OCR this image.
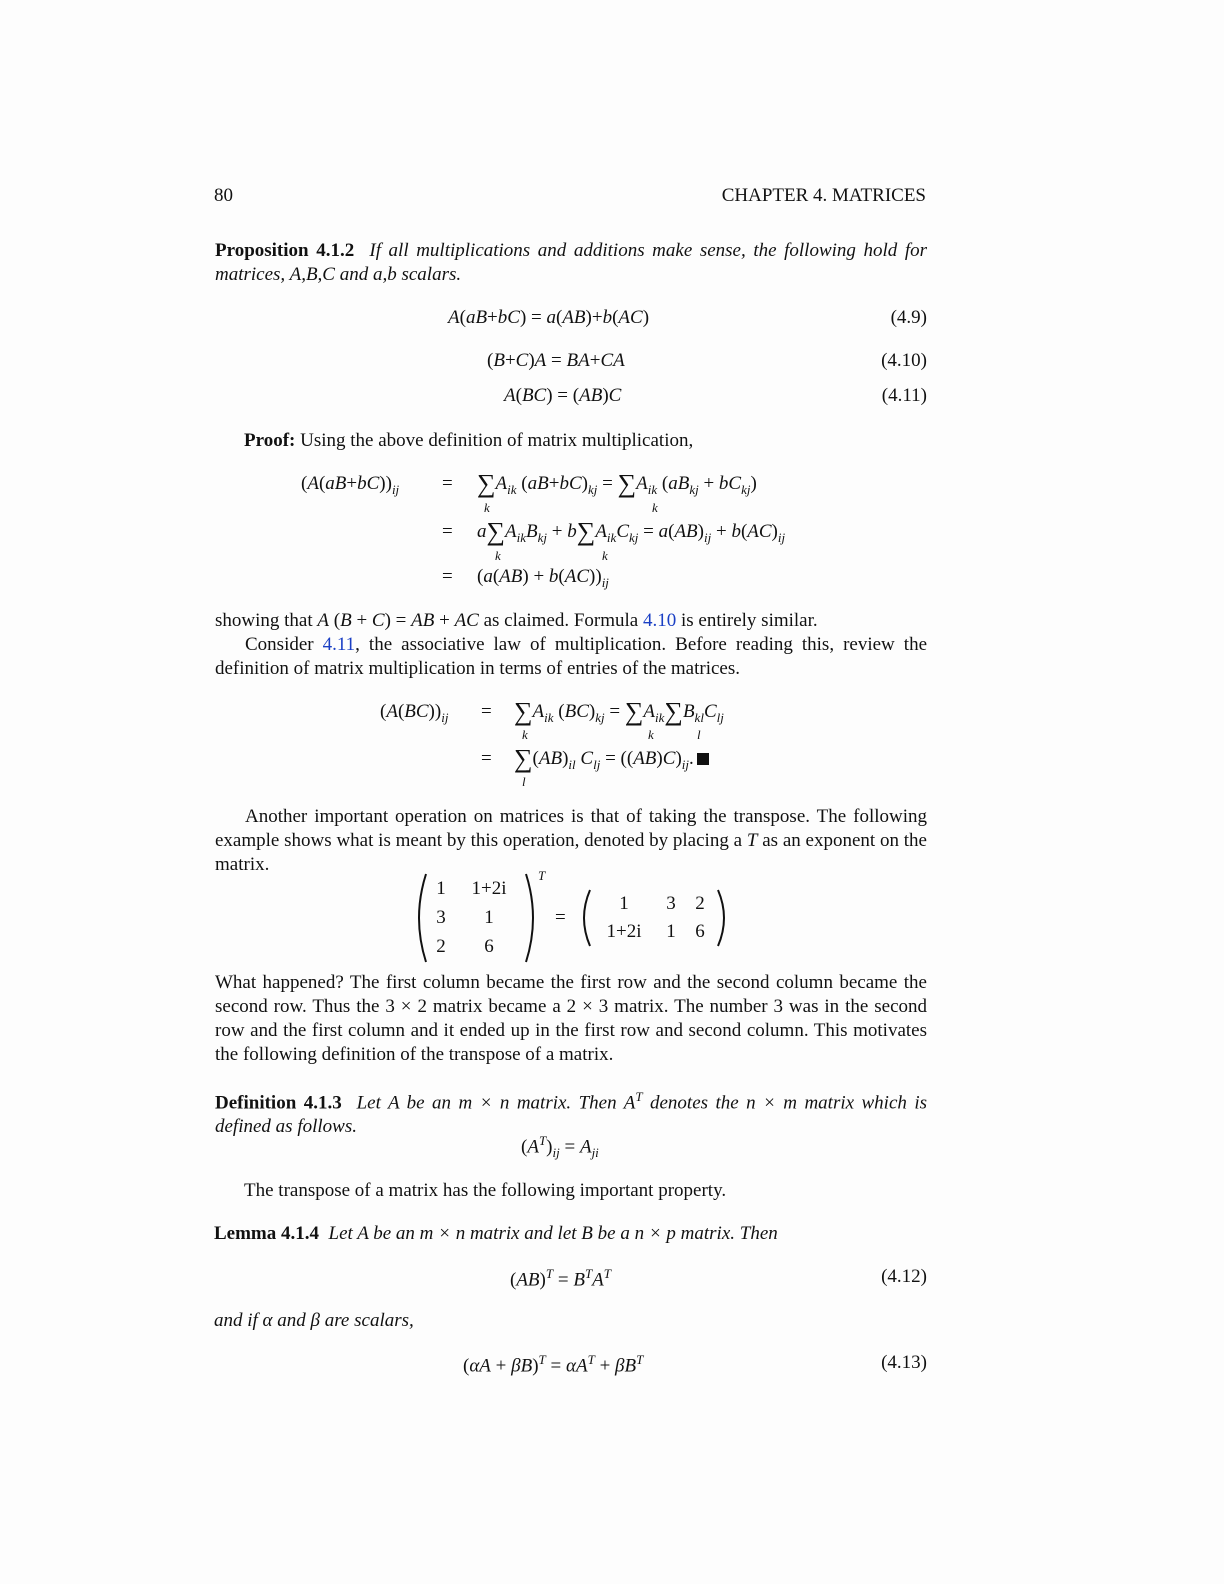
80	CHAPTER 4. MATRICES
Proposition 4.1.2 If all multiplications and additions make sense, the following hold for matrices, A,B,C and a,b scalars.
A(aB+bC) = a(AB)+b(AC)	(4.9)
(B+C)A = BA+CA	(4.10)
A(BC) = (AB)C	(4.11)
Proof: Using the above definition of matrix multiplication,
$(A(aB+bC))_{ij} = \sum A_{ik}$ $(aB+bC)_{kj} = \sum A_{ik}$ $(aB_{kj} + bC_{kj})$
k	k
= $a\sum A_{ik}B_{kj} + b\sum A_{ik}C_{kj} = a(AB)_{ij} + b(AC)_{ij}$
k	k
= $(a(AB) + b(AC))_{ij}$
showing that A (B + C) = AB + AC as claimed. Formula 4.10 is entirely similar.
Consider 4.11, the associative law of multiplication. Before reading this, review the definition of matrix multiplication in terms of entries of the matrices.
$(A(BC))_{ij} = \sum A_{ik}$ $(BC)_{kj} = \sum A_{ik}\sum B_{kl}C_{lj}$
k	k	l
= $\sum(AB)_{il}$ $C_{lj} = ((AB)C)_{ij}$.
l
Another important operation on matrices is that of taking the transpose. The following example shows what is meant by this operation, denoted by placing a T as an exponent on the matrix.
T
=
1	1+2i
3	1
2	6
1	3	2
1+2i	1	6
What happened? The first column became the first row and the second column became the second row. Thus the 3 × 2 matrix became a 2 × 3 matrix. The number 3 was in the second row and the first column and it ended up in the first row and second column. This motivates the following definition of the transpose of a matrix.
Definition 4.1.3 Let A be an m × n matrix. Then $A^T$ denotes the n × m matrix which is defined as follows.
$(A^T)_{ij} = A_{ji}$
The transpose of a matrix has the following important property.
Lemma 4.1.4 Let A be an m × n matrix and let B be a n × p matrix. Then
$(AB)^T = B^TA^T$	(4.12)
and if α and β are scalars,
$(\alpha A + \beta B)^T = \alpha A^T + \beta B^T$	(4.13)
